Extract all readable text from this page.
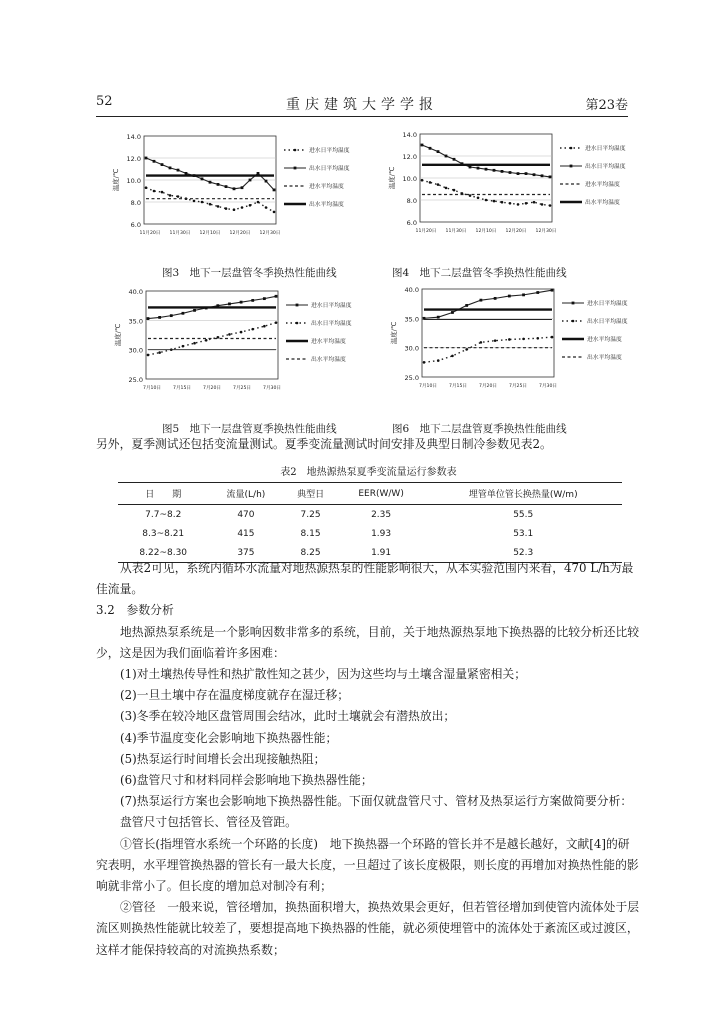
52	重庆建筑大学学报	第23卷
14.0
12.0
10.0
8.0
6.0
11月20日 11月30日 12月10日 12月20日 12月30日
温度/℃
进水日平均温度
出水日平均温度
进水平均温度
出水平均温度
14.0
12.0
10.0
8.0
6.0
11月20日 11月30日 12月10日 12月20日 12月30日
温度/℃
进水日平均温度
出水日平均温度
进水平均温度
出水平均温度
40.0
35.0
30.0
25.0
7月10日	7月15日	7月20日	7月25日	7月30日
温度/℃
进水日平均温度
出水日平均温度
进水平均温度
出水平均温度
40.0
35.0
30.0
25.0
7月10日	7月15日	7月20日	7月25日	7月30日
温度/℃
进水日平均温度
出水日平均温度
进水平均温度
出水平均温度
图3　地下一层盘管冬季换热性能曲线	图4　地下二层盘管冬季换热性能曲线
图5　地下一层盘管夏季换热性能曲线	图6　地下二层盘管夏季换热性能曲线

另外，夏季测试还包括变流量测试。夏季变流量测试时间安排及典型日制冷参数见表2。

表2　地热源热泵夏季变流量运行参数表
日　　期	流量(L/h)	典型日	EER(W/W)	埋管单位管长换热量(W/m)
7.7~8.2	470	7.25	2.35	55.5
8.3~8.21	415	8.15	1.93	53.1
8.22~8.30	375	8.25	1.91	52.3

从表2可见，系统内循环水流量对地热源热泵的性能影响很大，从本实验范围内来看，470 L/h为最佳流量。

3.2　参数分析

地热源热泵系统是一个影响因数非常多的系统，目前，关于地热源热泵地下换热器的比较分析还比较少，这是因为我们面临着许多困难：

(1)对土壤热传导性和热扩散性知之甚少，因为这些均与土壤含湿量紧密相关；

(2)一旦土壤中存在温度梯度就存在湿迁移；

(3)冬季在较冷地区盘管周围会结冰，此时土壤就会有潜热放出；

(4)季节温度变化会影响地下换热器性能；

(5)热泵运行时间增长会出现接触热阻；

(6)盘管尺寸和材料同样会影响地下换热器性能；

(7)热泵运行方案也会影响地下换热器性能。下面仅就盘管尺寸、管材及热泵运行方案做简要分析：

盘管尺寸包括管长、管径及管距。

①管长(指埋管水系统一个环路的长度)　地下换热器一个环路的管长并不是越长越好，文献[4]的研究表明，水平埋管换热器的管长有一最大长度，一旦超过了该长度极限，则长度的再增加对换热性能的影响就非常小了。但长度的增加总对制冷有利；

②管径　一般来说，管径增加，换热面积增大，换热效果会更好，但若管径增加到使管内流体处于层流区则换热性能就比较差了，要想提高地下换热器的性能，就必须使埋管中的流体处于紊流区或过渡区，这样才能保持较高的对流换热系数；
